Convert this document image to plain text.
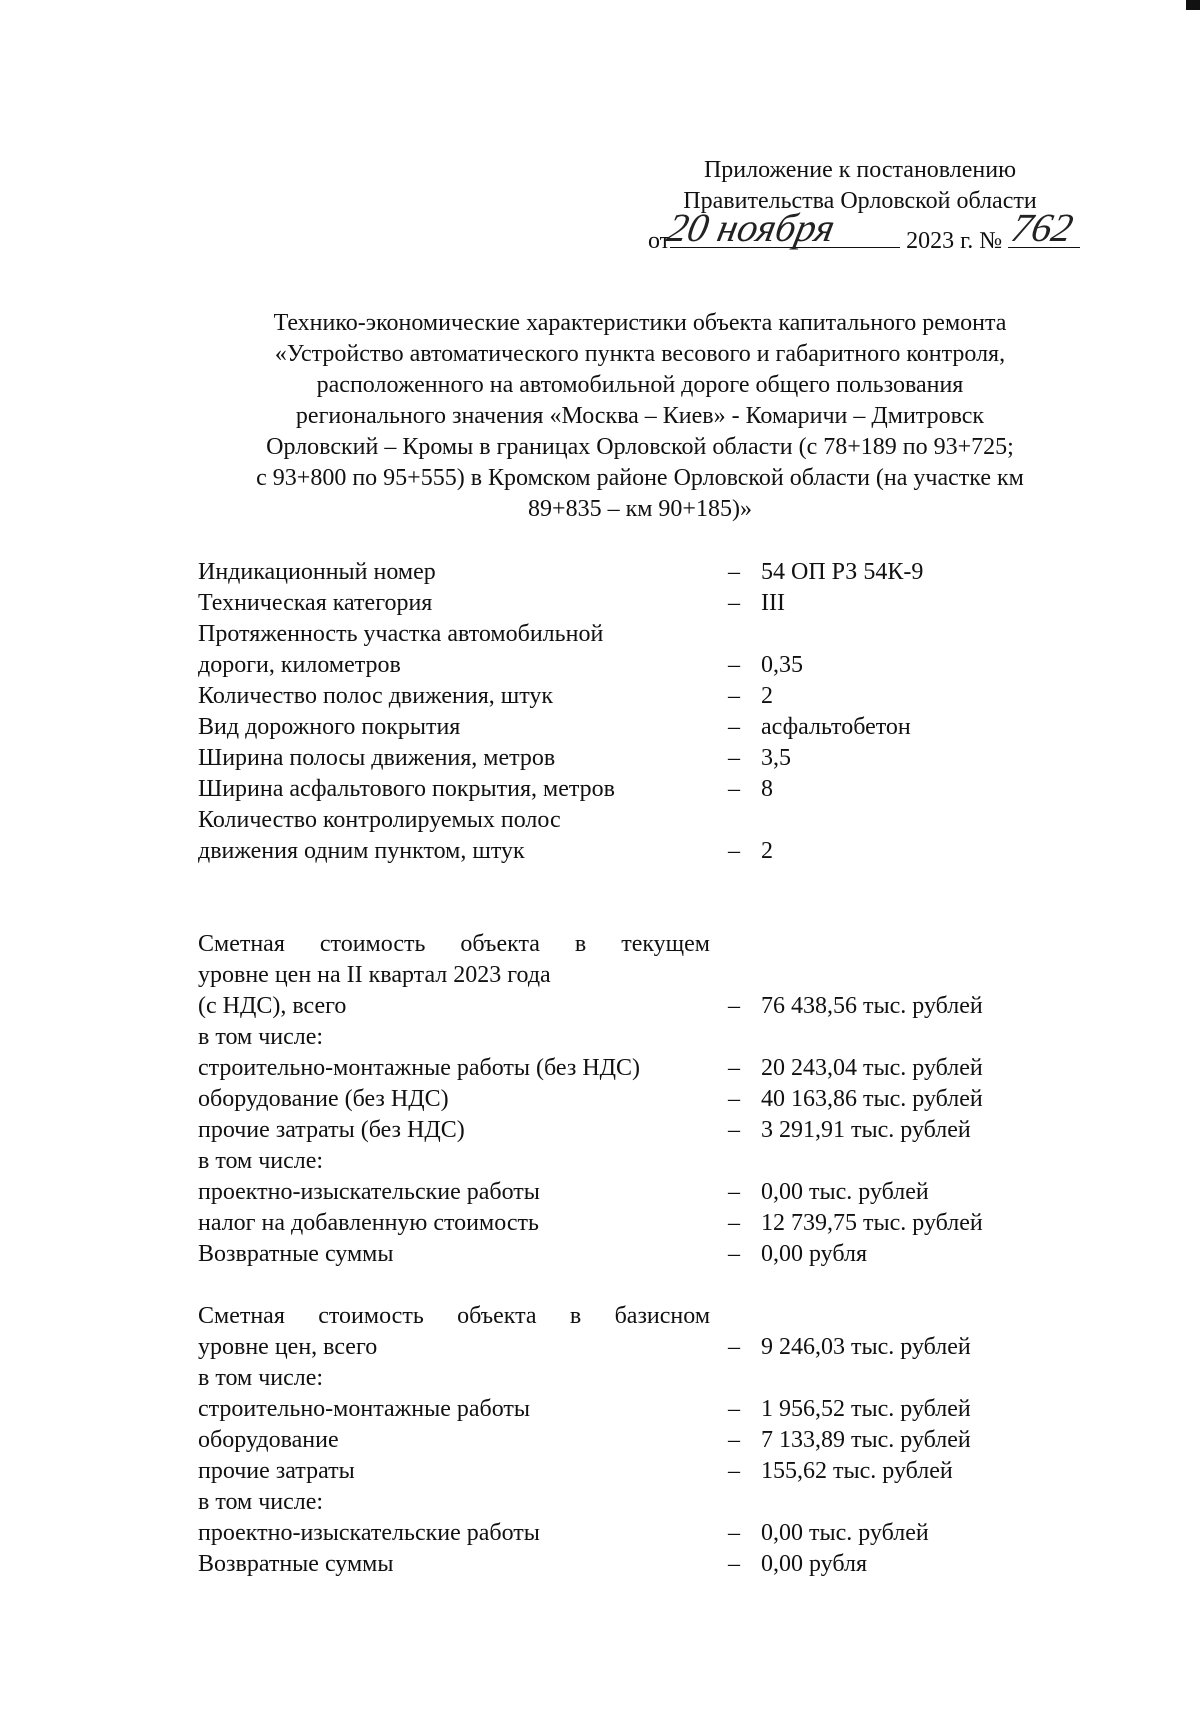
Приложение к постановлению
Правительства Орловской области
от
20 ноября	2023 г. № 762
Технико-экономические характеристики объекта капитального ремонта
«Устройство автоматического пункта весового и габаритного контроля,
расположенного на автомобильной дороге общего пользования
регионального значения «Москва – Киев» - Комаричи – Дмитровск
Орловский – Кромы в границах Орловской области (с 78+189 по 93+725;
с 93+800 по 95+555) в Кромском районе Орловской области (на участке км
89+835 – км 90+185)»
Индикационный номер	– 54 ОП РЗ 54К-9
Техническая категория	– III
Протяженность участка автомобильной
дороги, километров	– 0,35
Количество полос движения, штук	– 2
Вид дорожного покрытия	– асфальтобетон
Ширина полосы движения, метров	– 3,5
Ширина асфальтового покрытия, метров	– 8
Количество контролируемых полос
движения одним пунктом, штук	– 2
Сметная стоимость объекта в текущем
уровне цен на II квартал 2023 года
(с НДС), всего	– 76 438,56 тыс. рублей
в том числе:
строительно-монтажные работы (без НДС)	– 20 243,04 тыс. рублей
оборудование (без НДС)	– 40 163,86 тыс. рублей
прочие затраты (без НДС)	– 3 291,91 тыс. рублей
в том числе:
проектно-изыскательские работы	– 0,00 тыс. рублей
налог на добавленную стоимость	– 12 739,75 тыс. рублей
Возвратные суммы	– 0,00 рубля
Сметная стоимость объекта в базисном
уровне цен, всего	– 9 246,03 тыс. рублей
в том числе:
строительно-монтажные работы	– 1 956,52 тыс. рублей
оборудование	– 7 133,89 тыс. рублей
прочие затраты	– 155,62 тыс. рублей
в том числе:
проектно-изыскательские работы	– 0,00 тыс. рублей
Возвратные суммы	– 0,00 рубля
